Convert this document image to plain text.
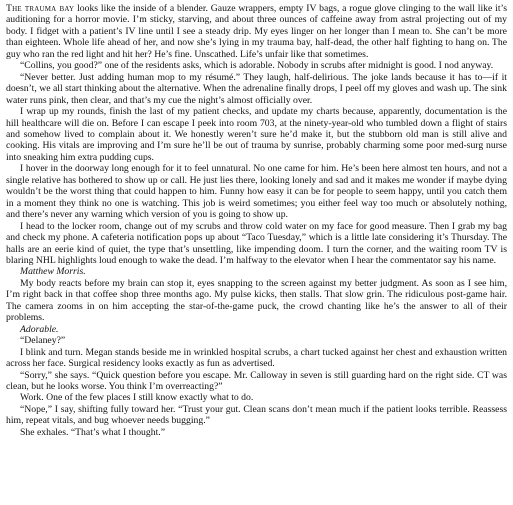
The trauma bay looks like the inside of a blender. Gauze wrappers, empty IV bags, a rogue glove clinging to the wall like it’s auditioning for a horror movie. I’m sticky, starving, and about three ounces of caffeine away from astral projecting out of my body. I fidget with a patient’s IV line until I see a steady drip. My eyes linger on her longer than I mean to. She can’t be more than eighteen. Whole life ahead of her, and now she’s lying in my trauma bay, half-dead, the other half fighting to hang on. The guy who ran the red light and hit her? He’s fine. Unscathed. Life’s unfair like that sometimes.

“Collins, you good?” one of the residents asks, which is adorable. Nobody in scrubs after midnight is good. I nod anyway.

“Never better. Just adding human mop to my résumé.” They laugh, half-delirious. The joke lands because it has to—if it doesn’t, we all start thinking about the alternative. When the adrenaline finally drops, I peel off my gloves and wash up. The sink water runs pink, then clear, and that’s my cue the night’s almost officially over.

I wrap up my rounds, finish the last of my patient checks, and update my charts because, apparently, documentation is the hill healthcare will die on. Before I can escape I peek into room 703, at the ninety-year-old who tumbled down a flight of stairs and somehow lived to complain about it. We honestly weren’t sure he’d make it, but the stubborn old man is still alive and cooking. His vitals are improving and I’m sure he’ll be out of trauma by sunrise, probably charming some poor med-surg nurse into sneaking him extra pudding cups.

I hover in the doorway long enough for it to feel unnatural. No one came for him. He’s been here almost ten hours, and not a single relative has bothered to show up or call. He just lies there, looking lonely and sad and it makes me wonder if maybe dying wouldn’t be the worst thing that could happen to him. Funny how easy it can be for people to seem happy, until you catch them in a moment they think no one is watching. This job is weird sometimes; you either feel way too much or absolutely nothing, and there’s never any warning which version of you is going to show up.

I head to the locker room, change out of my scrubs and throw cold water on my face for good measure. Then I grab my bag and check my phone. A cafeteria notification pops up about “Taco Tuesday,” which is a little late considering it’s Thursday. The halls are an eerie kind of quiet, the type that’s unsettling, like impending doom. I turn the corner, and the waiting room TV is blaring NHL highlights loud enough to wake the dead. I’m halfway to the elevator when I hear the commentator say his name.

Matthew Morris.

My body reacts before my brain can stop it, eyes snapping to the screen against my better judgment. As soon as I see him, I’m right back in that coffee shop three months ago. My pulse kicks, then stalls. That slow grin. The ridiculous post-game hair. The camera zooms in on him accepting the star-of-the-game puck, the crowd chanting like he’s the answer to all of their problems.

Adorable.

“Delaney?”

I blink and turn. Megan stands beside me in wrinkled hospital scrubs, a chart tucked against her chest and exhaustion written across her face. Surgical residency looks exactly as fun as advertised.

“Sorry,” she says. “Quick question before you escape. Mr. Calloway in seven is still guarding hard on the right side. CT was clean, but he looks worse. You think I’m overreacting?”

Work. One of the few places I still know exactly what to do.

“Nope,” I say, shifting fully toward her. “Trust your gut. Clean scans don’t mean much if the patient looks terrible. Reassess him, repeat vitals, and bug whoever needs bugging.”

She exhales. “That’s what I thought.”
